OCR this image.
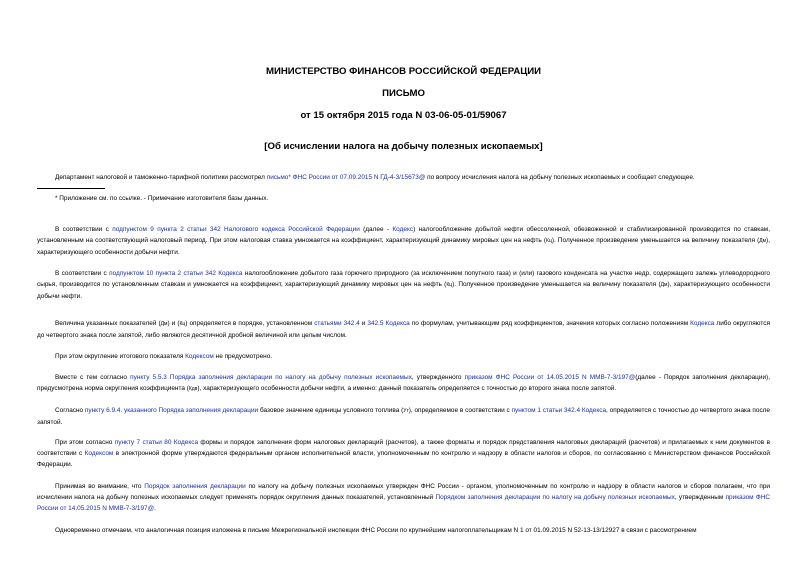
МИНИСТЕРСТВО ФИНАНСОВ РОССИЙСКОЙ ФЕДЕРАЦИИ
ПИСЬМО
от 15 октября 2015 года N 03-06-05-01/59067
[Об исчислении налога на добычу полезных ископаемых]
Департамент налоговой и таможенно-тарифной политики рассмотрел письмо* ФНС России от 07.09.2015 N ГД-4-3/15673@ по вопросу исчисления налога на добычу полезных ископаемых и сообщает следующее.
* Приложение см. по ссылке. - Примечание изготовителя базы данных.
В соответствии с подпунктом 9 пункта 2 статьи 342 Налогового кодекса Российской Федерации (далее - Кодекс) налогообложение добытой нефти обессоленной, обезвоженной и стабилизированной производится по ставкам, установленным на соответствующий налоговый период. При этом налоговая ставка умножается на коэффициент, характеризующий динамику мировых цен на нефть (Кц). Полученное произведение уменьшается на величину показателя (Дм), характеризующего особенности добычи нефти.
В соответствии с подпунктом 10 пункта 2 статьи 342 Кодекса налогообложение добытого газа горючего природного (за исключением попутного газа) и (или) газового конденсата на участке недр, содержащего залежь углеводородного сырья, производится по установленным ставкам и умножается на коэффициент, характеризующий динамику мировых цен на нефть (Кц). Полученное произведение уменьшается на величину показателя (Дм), характеризующего особенности добычи нефти.
Величина указанных показателей (Дм) и (Кц) определяется в порядке, установленном статьями 342.4 и 342.5 Кодекса по формулам, учитывающим ряд коэффициентов, значения которых согласно положениям Кодекса либо округляются до четвертого знака после запятой, либо являются десятичной дробной величиной или целым числом.
При этом округление итогового показателя Кодексом не предусмотрено.
Вместе с тем согласно пункту 5.5.3 Порядка заполнения декларации по налогу на добычу полезных ископаемых, утвержденного приказом ФНС России от 14.05.2015 N ММВ-7-3/197@(далее - Порядок заполнения декларации), предусмотрена норма округления коэффициента (Кдв), характеризующего особенности добычи нефти, а именно: данный показатель определяется с точностью до второго знака после запятой.
Согласно пункту 6.9.4. указанного Порядка заполнения декларации базовое значение единицы условного топлива (Ут), определяемое в соответствии с пунктом 1 статьи 342.4 Кодекса, определяется с точностью до четвертого знака после запятой.
При этом согласно пункту 7 статьи 80 Кодекса формы и порядок заполнения форм налоговых деклараций (расчетов), а также форматы и порядок представления налоговых деклараций (расчетов) и прилагаемых к ним документов в соответствии с Кодексом в электронной форме утверждаются федеральным органом исполнительной власти, уполномоченным по контролю и надзору в области налогов и сборов, по согласованию с Министерством финансов Российской Федерации.
Принимая во внимание, что Порядок заполнения декларации по налогу на добычу полезных ископаемых утвержден ФНС России - органом, уполномоченным по контролю и надзору в области налогов и сборов полагаем, что при исчислении налога на добычу полезных ископаемых следует применять порядок округления данных показателей, установленный Порядком заполнения декларации по налогу на добычу полезных ископаемых, утвержденным приказом ФНС России от 14.05.2015 N ММВ-7-3/197@.
Одновременно отмечаем, что аналогичная позиция изложена в письме Межрегиональной инспекции ФНС России по крупнейшим налогоплательщикам N 1 от 01.09.2015 N 52-13-13/12927 в связи с рассмотрением
